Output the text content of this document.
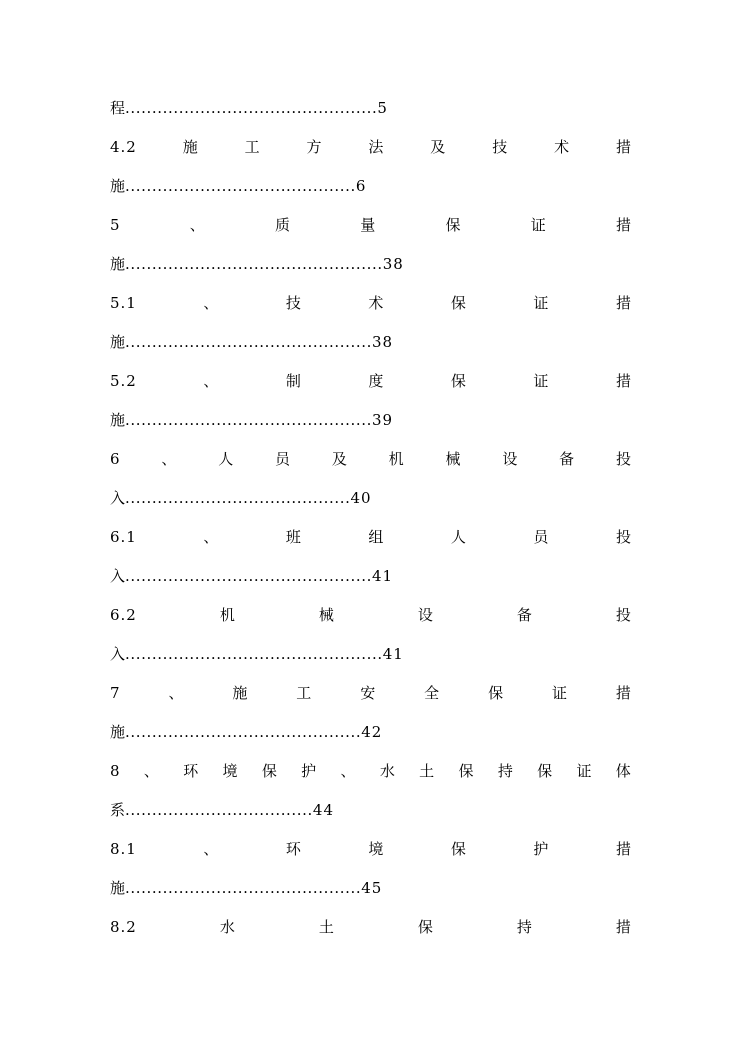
程...............................................5
4.2	施	工	方	法	及	技	术	措
施...........................................6
5	、	质	量	保	证	措
施................................................38
5.1	、	技	术	保	证	措
施..............................................38
5.2	、	制	度	保	证	措
施..............................................39
6	、	人	员	及	机	械	设	备	投
入..........................................40
6.1	、	班	组	人	员	投
入..............................................41
6.2	机	械	设	备	投
入................................................41
7	、	施	工	安	全	保	证	措
施............................................42
8 、 环 境 保 护 、 水 土 保 持 保 证 体
系...................................44
8.1	、	环	境	保	护	措
施............................................45
8.2	水	土	保	持	措
